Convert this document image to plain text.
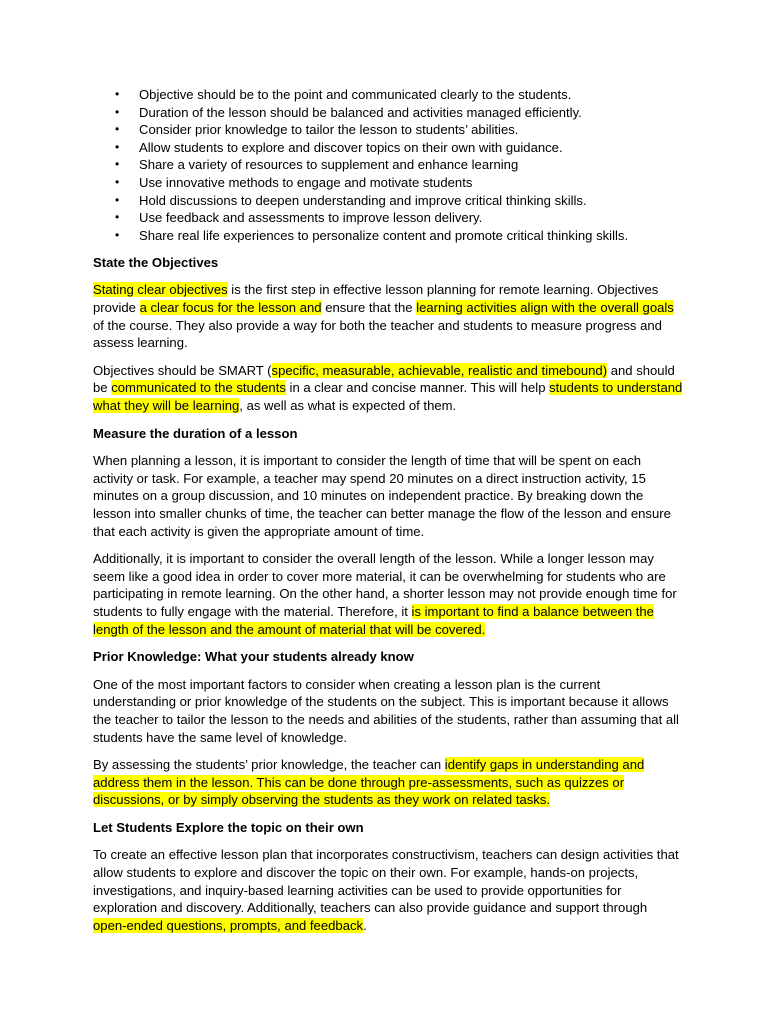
• Objective should be to the point and communicated clearly to the students.
• Duration of the lesson should be balanced and activities managed efficiently.
• Consider prior knowledge to tailor the lesson to students’ abilities.
• Allow students to explore and discover topics on their own with guidance.
• Share a variety of resources to supplement and enhance learning
• Use innovative methods to engage and motivate students
• Hold discussions to deepen understanding and improve critical thinking skills.
• Use feedback and assessments to improve lesson delivery.
• Share real life experiences to personalize content and promote critical thinking skills.
State the Objectives

Stating clear objectives is the first step in effective lesson planning for remote learning. Objectives provide a clear focus for the lesson and ensure that the learning activities align with the overall goals of the course. They also provide a way for both the teacher and students to measure progress and assess learning.

Objectives should be SMART (specific, measurable, achievable, realistic and timebound) and should be communicated to the students in a clear and concise manner. This will help students to understand what they will be learning, as well as what is expected of them.

Measure the duration of a lesson

When planning a lesson, it is important to consider the length of time that will be spent on each activity or task. For example, a teacher may spend 20 minutes on a direct instruction activity, 15 minutes on a group discussion, and 10 minutes on independent practice. By breaking down the lesson into smaller chunks of time, the teacher can better manage the flow of the lesson and ensure that each activity is given the appropriate amount of time.

Additionally, it is important to consider the overall length of the lesson. While a longer lesson may seem like a good idea in order to cover more material, it can be overwhelming for students who are participating in remote learning. On the other hand, a shorter lesson may not provide enough time for students to fully engage with the material. Therefore, it is important to find a balance between the length of the lesson and the amount of material that will be covered.

Prior Knowledge: What your students already know

One of the most important factors to consider when creating a lesson plan is the current understanding or prior knowledge of the students on the subject. This is important because it allows the teacher to tailor the lesson to the needs and abilities of the students, rather than assuming that all students have the same level of knowledge.

By assessing the students’ prior knowledge, the teacher can identify gaps in understanding and address them in the lesson. This can be done through pre-assessments, such as quizzes or discussions, or by simply observing the students as they work on related tasks.

Let Students Explore the topic on their own

To create an effective lesson plan that incorporates constructivism, teachers can design activities that allow students to explore and discover the topic on their own. For example, hands-on projects, investigations, and inquiry-based learning activities can be used to provide opportunities for exploration and discovery. Additionally, teachers can also provide guidance and support through open-ended questions, prompts, and feedback.
